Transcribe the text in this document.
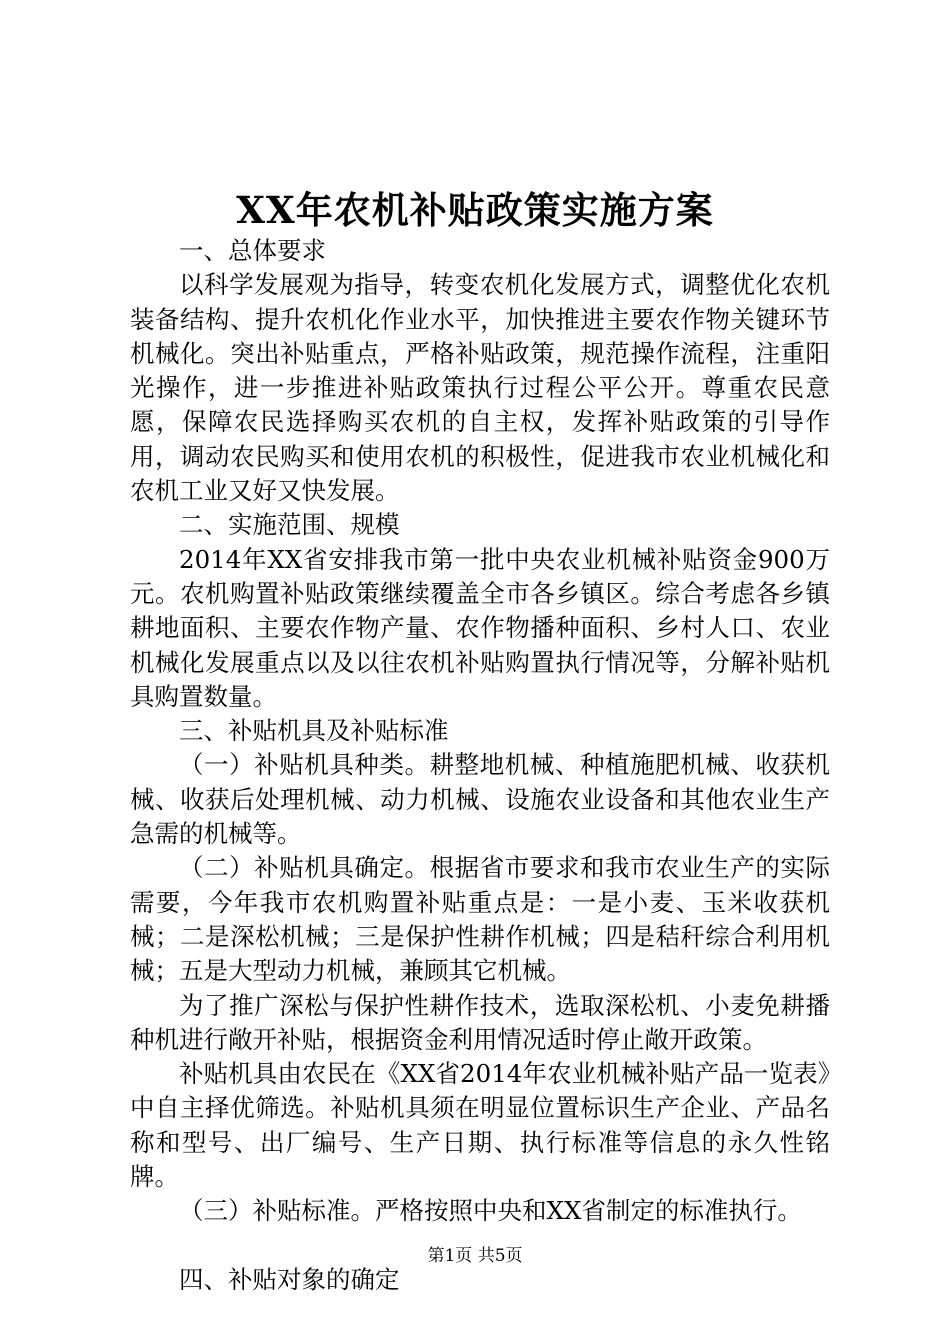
XX年农机补贴政策实施方案

一、总体要求

以科学发展观为指导，转变农机化发展方式，调整优化农机装备结构、提升农机化作业水平，加快推进主要农作物关键环节机械化。突出补贴重点，严格补贴政策，规范操作流程，注重阳光操作，进一步推进补贴政策执行过程公平公开。尊重农民意愿，保障农民选择购买农机的自主权，发挥补贴政策的引导作用，调动农民购买和使用农机的积极性，促进我市农业机械化和农机工业又好又快发展。

二、实施范围、规模

2014年XX省安排我市第一批中央农业机械补贴资金900万元。农机购置补贴政策继续覆盖全市各乡镇区。综合考虑各乡镇耕地面积、主要农作物产量、农作物播种面积、乡村人口、农业机械化发展重点以及以往农机补贴购置执行情况等，分解补贴机具购置数量。

三、补贴机具及补贴标准

（一）补贴机具种类。耕整地机械、种植施肥机械、收获机械、收获后处理机械、动力机械、设施农业设备和其他农业生产急需的机械等。

（二）补贴机具确定。根据省市要求和我市农业生产的实际需要，今年我市农机购置补贴重点是：一是小麦、玉米收获机械；二是深松机械；三是保护性耕作机械；四是秸秆综合利用机械；五是大型动力机械，兼顾其它机械。

为了推广深松与保护性耕作技术，选取深松机、小麦免耕播种机进行敞开补贴，根据资金利用情况适时停止敞开政策。

补贴机具由农民在《XX省2014年农业机械补贴产品一览表》中自主择优筛选。补贴机具须在明显位置标识生产企业、产品名称和型号、出厂编号、生产日期、执行标准等信息的永久性铭牌。

（三）补贴标准。严格按照中央和XX省制定的标准执行。

四、补贴对象的确定

第1页 共5页
